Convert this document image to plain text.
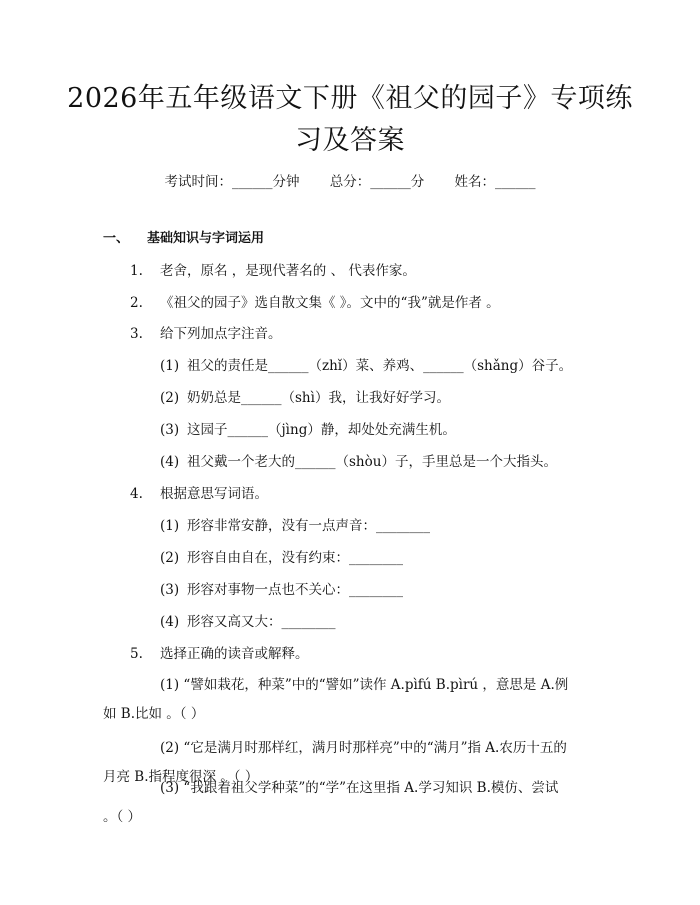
2026年五年级语文下册《祖父的园子》专项练习及答案
考试时间：______分钟 总分：______分 姓名：______
一、 基础知识与字词运用
1. 老舍，原名 ，是现代著名的 、 代表作家。
2. 《祖父的园子》选自散文集《 》。文中的“我”就是作者 。
3. 给下列加点字注音。
(1) 祖父的责任是______（zhǐ）菜、养鸡、______（shǎng）谷子。
(2) 奶奶总是______（shì）我，让我好好学习。
(3) 这园子______（jìng）静，却处处充满生机。
(4) 祖父戴一个老大的______（shòu）子，手里总是一个大指头。
4. 根据意思写词语。
(1) 形容非常安静，没有一点声音：________
(2) 形容自由自在，没有约束：________
(3) 形容对事物一点也不关心：________
(4) 形容又高又大：________
5. 选择正确的读音或解释。
(1) “譬如栽花，种菜”中的“譬如”读作 A.pìfú B.pìrú ，意思是 A.例如 B.比如 。（ ）
(2) “它是满月时那样红，满月时那样亮”中的“满月”指 A.农历十五的月亮 B.指程度很深 。（ ）
(3) “我跟着祖父学种菜”的“学”在这里指 A.学习知识 B.模仿、尝试 。（ ）
